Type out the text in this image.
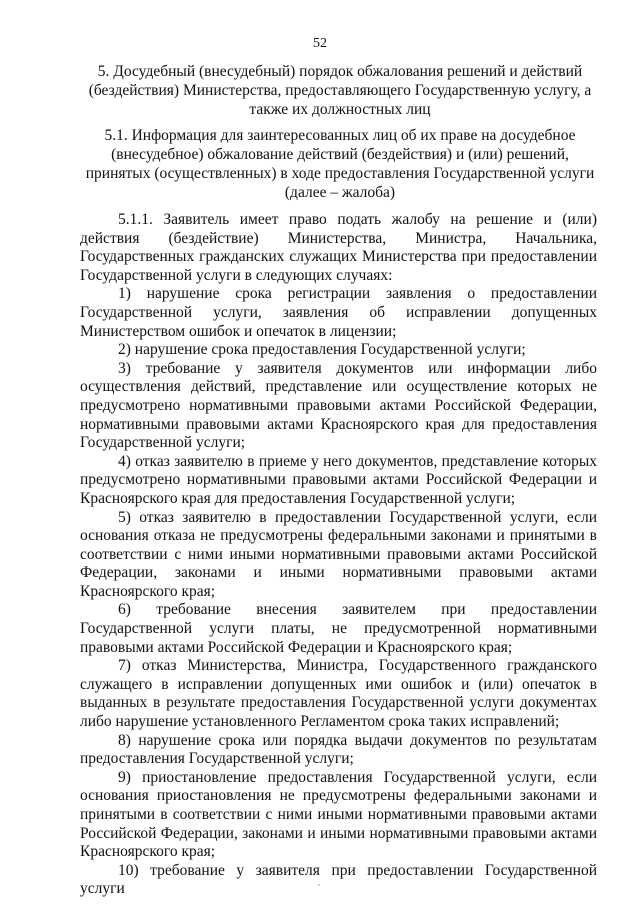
52
5. Досудебный (внесудебный) порядок обжалования решений и действий (бездействия) Министерства, предоставляющего Государственную услугу, а также их должностных лиц
5.1. Информация для заинтересованных лиц об их праве на досудебное (внесудебное) обжалование действий (бездействия) и (или) решений, принятых (осуществленных) в ходе предоставления Государственной услуги (далее – жалоба)

5.1.1. Заявитель имеет право подать жалобу на решение и (или) действия (бездействие) Министерства, Министра, Начальника, Государственных гражданских служащих Министерства при предоставлении Государственной услуги в следующих случаях:

1) нарушение срока регистрации заявления о предоставлении Государственной услуги, заявления об исправлении допущенных Министерством ошибок и опечаток в лицензии;

2) нарушение срока предоставления Государственной услуги;

3) требование у заявителя документов или информации либо осуществления действий, представление или осуществление которых не предусмотрено нормативными правовыми актами Российской Федерации, нормативными правовыми актами Красноярского края для предоставления Государственной услуги;

4) отказ заявителю в приеме у него документов, представление которых предусмотрено нормативными правовыми актами Российской Федерации и Красноярского края для предоставления Государственной услуги;

5) отказ заявителю в предоставлении Государственной услуги, если основания отказа не предусмотрены федеральными законами и принятыми в соответствии с ними иными нормативными правовыми актами Российской Федерации, законами и иными нормативными правовыми актами Красноярского края;

6) требование внесения заявителем при предоставлении Государственной услуги платы, не предусмотренной нормативными правовыми актами Российской Федерации и Красноярского края;

7) отказ Министерства, Министра, Государственного гражданского служащего в исправлении допущенных ими ошибок и (или) опечаток в выданных в результате предоставления Государственной услуги документах либо нарушение установленного Регламентом срока таких исправлений;

8) нарушение срока или порядка выдачи документов по результатам предоставления Государственной услуги;

9) приостановление предоставления Государственной услуги, если основания приостановления не предусмотрены федеральными законами и принятыми в соответствии с ними иными нормативными правовыми актами Российской Федерации, законами и иными нормативными правовыми актами Красноярского края;

10) требование у заявителя при предоставлении Государственной услуги
